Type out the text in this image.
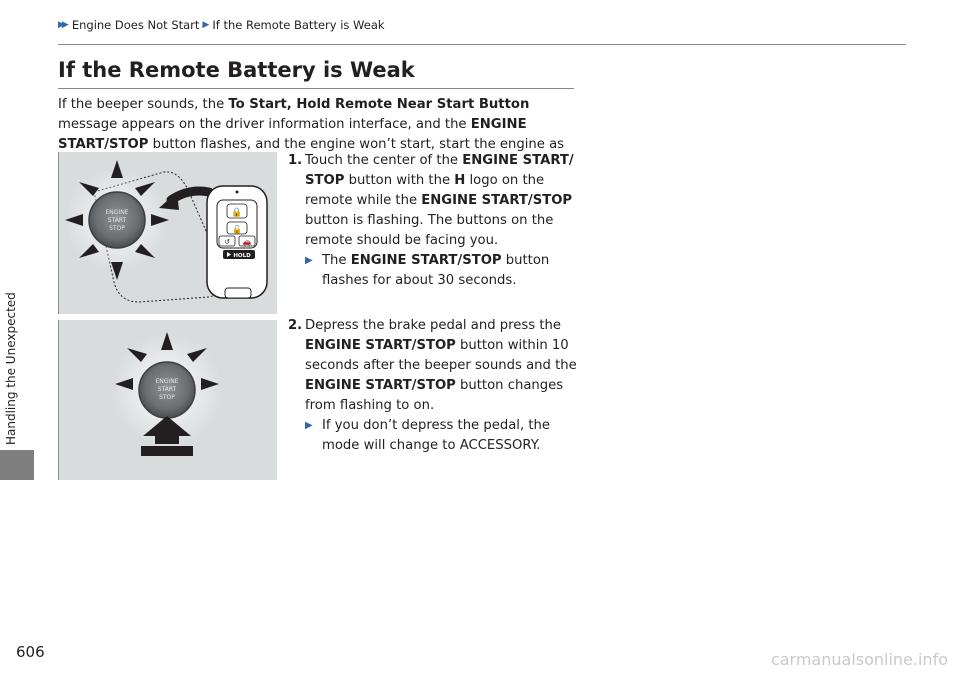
▶▶ Engine Does Not Start ▶ If the Remote Battery is Weak
Handling the Unexpected
If the Remote Battery is Weak

If the beeper sounds, the To Start, Hold Remote Near Start Button message appears on the driver information interface, and the ENGINE START/STOP button flashes, and the engine won’t start, start the engine as

1. Touch the center of the ENGINE START/ STOP button with the H logo on the remote while the ENGINE START/STOP button is flashing. The buttons on the remote should be facing you.
▶ The ENGINE START/STOP button flashes for about 30 seconds.
2. Depress the brake pedal and press the ENGINE START/STOP button within 10 seconds after the beeper sounds and the ENGINE START/STOP button changes from flashing to on.
▶ If you don’t depress the pedal, the mode will change to ACCESSORY.
ENGINE
START
STOP
🔒
🔓
↺ 🚗
HOLD
ENGINE
START
STOP
606	carmanualsonline.info
